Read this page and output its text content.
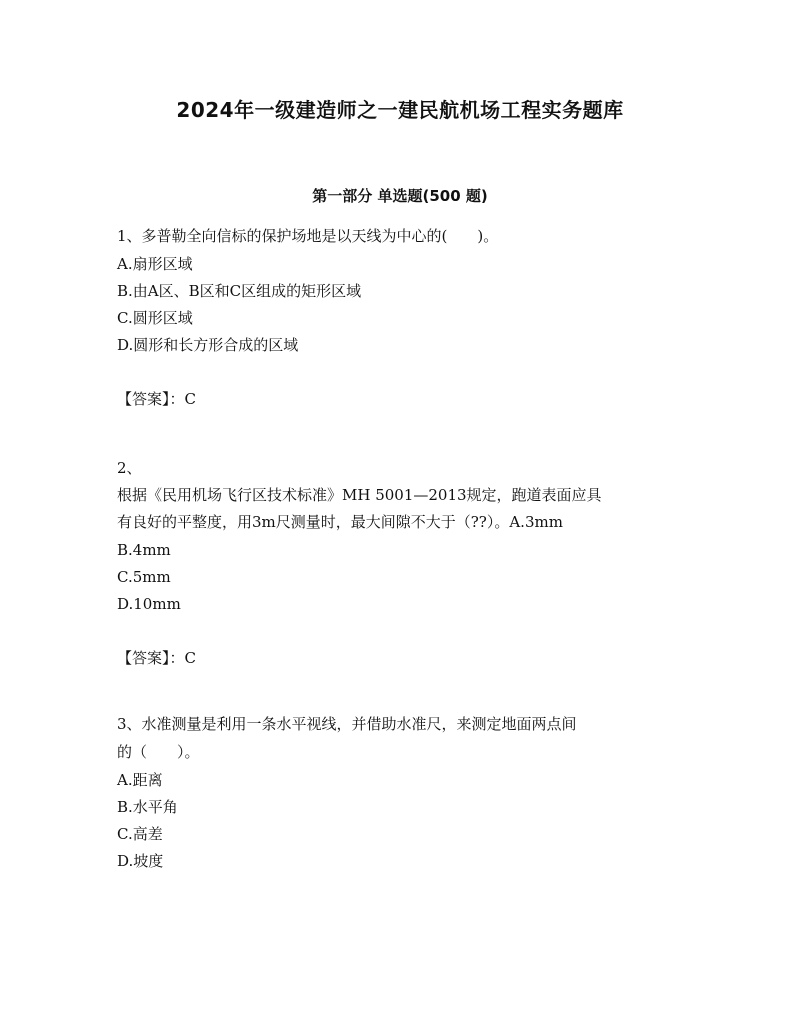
2024年一级建造师之一建民航机场工程实务题库
第一部分 单选题(500 题)
1、多普勒全向信标的保护场地是以天线为中心的(　　)。
A.扇形区域
B.由A区、B区和C区组成的矩形区域
C.圆形区域
D.圆形和长方形合成的区域
【答案】：C
2、
根据《民用机场飞行区技术标准》MH 5001—2013规定，跑道表面应具
有良好的平整度，用3m尺测量时，最大间隙不大于（??）。A.3mm
B.4mm
C.5mm
D.10mm
【答案】：C
3、水准测量是利用一条水平视线，并借助水准尺，来测定地面两点间
的（　　）。
A.距离
B.水平角
C.高差
D.坡度
